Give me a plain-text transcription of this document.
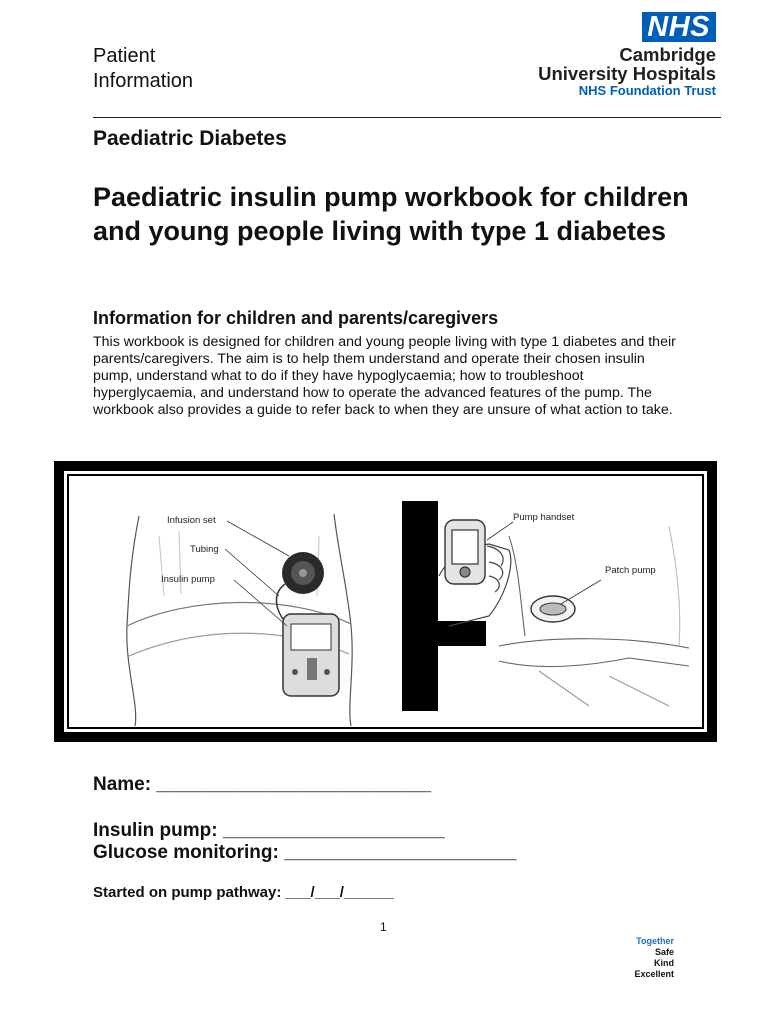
Patient
Information
NHS
Cambridge
University Hospitals
NHS Foundation Trust
Paediatric Diabetes
Paediatric insulin pump workbook for children and young people living with type 1 diabetes
Information for children and parents/caregivers
This workbook is designed for children and young people living with type 1 diabetes and their parents/caregivers. The aim is to help them understand and operate their chosen insulin pump, understand what to do if they have hypoglycaemia; how to troubleshoot hyperglycaemia, and understand how to operate the advanced features of the pump. The workbook also provides a guide to refer back to when they are unsure of what action to take.
Infusion set
Tubing
Insulin pump
Pump handset
Patch pump
Name: __________________________
Insulin pump: _____________________
Glucose monitoring: ______________________
Started on pump pathway: ___/___/______
1
Together
Safe
Kind
Excellent
